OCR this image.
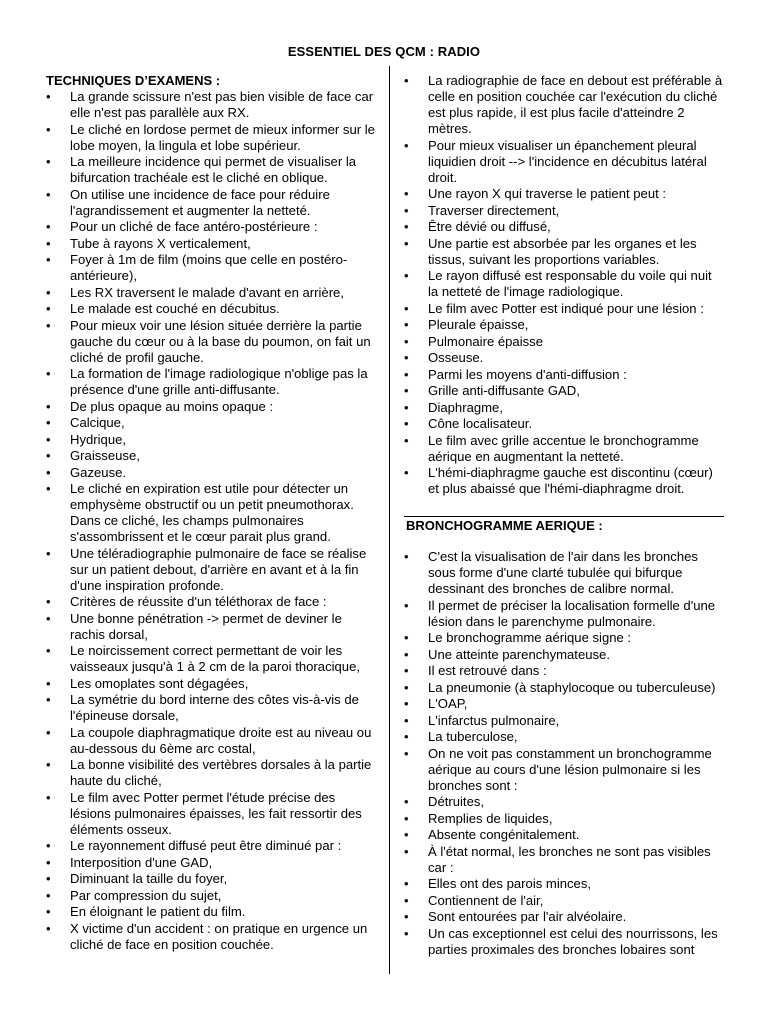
ESSENTIEL DES QCM : RADIO
TECHNIQUES D’EXAMENS :
• La grande scissure n'est pas bien visible de face car elle n'est pas parallèle aux RX.
• Le cliché en lordose permet de mieux informer sur le lobe moyen, la lingula et lobe supérieur.
• La meilleure incidence qui permet de visualiser la bifurcation trachéale est le cliché en oblique.
• On utilise une incidence de face pour réduire l'agrandissement et augmenter la netteté.
• Pour un cliché de face antéro-postérieure :
• Tube à rayons X verticalement,
• Foyer à 1m de film (moins que celle en postéro-antérieure),
• Les RX traversent le malade d'avant en arrière,
• Le malade est couché en décubitus.
• Pour mieux voir une lésion située derrière la partie gauche du cœur ou à la base du poumon, on fait un cliché de profil gauche.
• La formation de l'image radiologique n'oblige pas la présence d'une grille anti-diffusante.
• De plus opaque au moins opaque :
• Calcique,
• Hydrique,
• Graisseuse,
• Gazeuse.
• Le cliché en expiration est utile pour détecter un emphysème obstructif ou un petit pneumothorax. Dans ce cliché, les champs pulmonaires s'assombrissent et le cœur parait plus grand.
• Une téléradiographie pulmonaire de face se réalise sur un patient debout, d'arrière en avant et à la fin d'une inspiration profonde.
• Critères de réussite d'un téléthorax de face :
• Une bonne pénétration -> permet de deviner le rachis dorsal,
• Le noircissement correct permettant de voir les vaisseaux jusqu'à 1 à 2 cm de la paroi thoracique,
• Les omoplates sont dégagées,
• La symétrie du bord interne des côtes vis-à-vis de l'épineuse dorsale,
• La coupole diaphragmatique droite est au niveau ou au-dessous du 6ème arc costal,
• La bonne visibilité des vertèbres dorsales à la partie haute du cliché,
• Le film avec Potter permet l'étude précise des lésions pulmonaires épaisses, les fait ressortir des éléments osseux.
• Le rayonnement diffusé peut être diminué par :
• Interposition d'une GAD,
• Diminuant la taille du foyer,
• Par compression du sujet,
• En éloignant le patient du film.
• X victime d'un accident : on pratique en urgence un cliché de face en position couchée.
• La radiographie de face en debout est préférable à celle en position couchée car l'exécution du cliché est plus rapide, il est plus facile d'atteindre 2 mètres.
• Pour mieux visualiser un épanchement pleural liquidien droit --> l'incidence en décubitus latéral droit.
• Une rayon X qui traverse le patient peut :
• Traverser directement,
• Être dévié ou diffusé,
• Une partie est absorbée par les organes et les tissus, suivant les proportions variables.
• Le rayon diffusé est responsable du voile qui nuit la netteté de l'image radiologique.
• Le film avec Potter est indiqué pour une lésion :
• Pleurale épaisse,
• Pulmonaire épaisse
• Osseuse.
• Parmi les moyens d'anti-diffusion :
• Grille anti-diffusante GAD,
• Diaphragme,
• Cône localisateur.
• Le film avec grille accentue le bronchogramme aérique en augmentant la netteté.
• L'hémi-diaphragme gauche est discontinu (cœur) et plus abaissé que l'hémi-diaphragme droit.
BRONCHOGRAMME AERIQUE :
• C'est la visualisation de l'air dans les bronches sous forme d'une clarté tubulée qui bifurque dessinant des bronches de calibre normal.
• Il permet de préciser la localisation formelle d'une lésion dans le parenchyme pulmonaire.
• Le bronchogramme aérique signe :
• Une atteinte parenchymateuse.
• Il est retrouvé dans :
• La pneumonie (à staphylocoque ou tuberculeuse)
• L'OAP,
• L'infarctus pulmonaire,
• La tuberculose,
• On ne voit pas constamment un bronchogramme aérique au cours d'une lésion pulmonaire si les bronches sont :
• Détruites,
• Remplies de liquides,
• Absente congénitalement.
• À l'état normal, les bronches ne sont pas visibles car :
• Elles ont des parois minces,
• Contiennent de l'air,
• Sont entourées par l'air alvéolaire.
• Un cas exceptionnel est celui des nourrissons, les parties proximales des bronches lobaires sont
